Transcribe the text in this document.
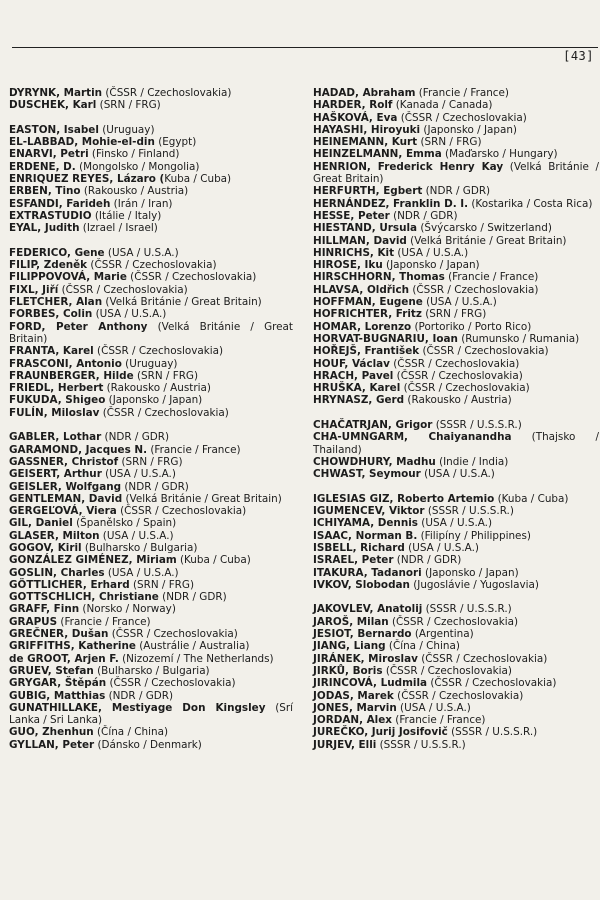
[43]
DYRYNK, Martin (ČSSR / Czechoslovakia)
DUSCHEK, Karl (SRN / FRG)
EASTON, Isabel (Uruguay)
EL-LABBAD, Mohie-el-din (Egypt)
ENARVI, Petri (Finsko / Finland)
ERDENE, D. (Mongolsko / Mongolia)
ENRIQUEZ REYES, Lázaro (Kuba / Cuba)
ERBEN, Tino (Rakousko / Austria)
ESFANDI, Farideh (Irán / Iran)
EXTRASTUDIO (Itálie / Italy)
EYAL, Judith (Izrael / Israel)
FEDERICO, Gene (USA / U.S.A.)
FILIP, Zdeněk (ČSSR / Czechoslovakia)
FILIPPOVOVÁ, Marie (ČSSR / Czechoslovakia)
FIXL, Jiří (ČSSR / Czechoslovakia)
FLETCHER, Alan (Velká Británie / Great Britain)
FORBES, Colin (USA / U.S.A.)
FORD, Peter Anthony (Velká Británie / Great Britain)
FRANTA, Karel (ČSSR / Czechoslovakia)
FRASCONI, Antonio (Uruguay)
FRAUNBERGER, Hilde (SRN / FRG)
FRIEDL, Herbert (Rakousko / Austria)
FUKUDA, Shigeo (Japonsko / Japan)
FULÍN, Miloslav (ČSSR / Czechoslovakia)
GABLER, Lothar (NDR / GDR)
GARAMOND, Jacques N. (Francie / France)
GASSNER, Christof (SRN / FRG)
GEISERT, Arthur (USA / U.S.A.)
GEISLER, Wolfgang (NDR / GDR)
GENTLEMAN, David (Velká Británie / Great Britain)
GERGEĽOVÁ, Viera (ČSSR / Czechoslovakia)
GIL, Daniel (Španělsko / Spain)
GLASER, Milton (USA / U.S.A.)
GOGOV, Kiril (Bulharsko / Bulgaria)
GONZÁLEZ GIMÉNEZ, Miriam (Kuba / Cuba)
GOSLIN, Charles (USA / U.S.A.)
GÖTTLICHER, Erhard (SRN / FRG)
GOTTSCHLICH, Christiane (NDR / GDR)
GRAFF, Finn (Norsko / Norway)
GRAPUS (Francie / France)
GREČNER, Dušan (ČSSR / Czechoslovakia)
GRIFFITHS, Katherine (Austrálie / Australia)
de GROOT, Arjen F. (Nizozemí / The Netherlands)
GRUEV, Stefan (Bulharsko / Bulgaria)
GRYGAR, Štěpán (ČSSR / Czechoslovakia)
GUBIG, Matthias (NDR / GDR)
GUNATHILLAKE, Mestiyage Don Kingsley (Srí Lanka / Sri Lanka)
GUO, Zhenhun (Čína / China)
GYLLAN, Peter (Dánsko / Denmark)
HADAD, Abraham (Francie / France)
HARDER, Rolf (Kanada / Canada)
HAŠKOVÁ, Eva (ČSSR / Czechoslovakia)
HAYASHI, Hiroyuki (Japonsko / Japan)
HEINEMANN, Kurt (SRN / FRG)
HEINZELMANN, Emma (Maďarsko / Hungary)
HENRION, Frederick Henry Kay (Velká Británie / Great Britain)
HERFURTH, Egbert (NDR / GDR)
HERNÁNDEZ, Franklin D. I. (Kostarika / Costa Rica)
HESSE, Peter (NDR / GDR)
HIESTAND, Ursula (Švýcarsko / Switzerland)
HILLMAN, David (Velká Británie / Great Britain)
HINRICHS, Kit (USA / U.S.A.)
HIROSE, Iku (Japonsko / Japan)
HIRSCHHORN, Thomas (Francie / France)
HLAVSA, Oldřich (ČSSR / Czechoslovakia)
HOFFMAN, Eugene (USA / U.S.A.)
HOFRICHTER, Fritz (SRN / FRG)
HOMAR, Lorenzo (Portoriko / Porto Rico)
HORVAT-BUGNARIU, Ioan (Rumunsko / Rumania)
HOŘEJŠ, František (ČSSR / Czechoslovakia)
HOUF, Václav (ČSSR / Czechoslovakia)
HRACH, Pavel (ČSSR / Czechoslovakia)
HRUŠKA, Karel (ČSSR / Czechoslovakia)
HRYNASZ, Gerd (Rakousko / Austria)
CHAČATRJAN, Grigor (SSSR / U.S.S.R.)
CHA-UMNGARM, Chaiyanandha (Thajsko / Thailand)
CHOWDHURY, Madhu (Indie / India)
CHWAST, Seymour (USA / U.S.A.)
IGLESIAS GIZ, Roberto Artemio (Kuba / Cuba)
IGUMENCEV, Viktor (SSSR / U.S.S.R.)
ICHIYAMA, Dennis (USA / U.S.A.)
ISAAC, Norman B. (Filipíny / Philippines)
ISBELL, Richard (USA / U.S.A.)
ISRAEL, Peter (NDR / GDR)
ITAKURA, Tadanori (Japonsko / Japan)
IVKOV, Slobodan (Jugoslávie / Yugoslavia)
JAKOVLEV, Anatolij (SSSR / U.S.S.R.)
JAROŠ, Milan (ČSSR / Czechoslovakia)
JESIOT, Bernardo (Argentina)
JIANG, Liang (Čína / China)
JIRÁNEK, Miroslav (ČSSR / Czechoslovakia)
JIRKŮ, Boris (ČSSR / Czechoslovakia)
JIRINCOVÁ, Ludmila (ČSSR / Czechoslovakia)
JODAS, Marek (ČSSR / Czechoslovakia)
JONES, Marvin (USA / U.S.A.)
JORDAN, Alex (Francie / France)
JUREČKO, Jurij Josifovič (SSSR / U.S.S.R.)
JURJEV, Elli (SSSR / U.S.S.R.)
